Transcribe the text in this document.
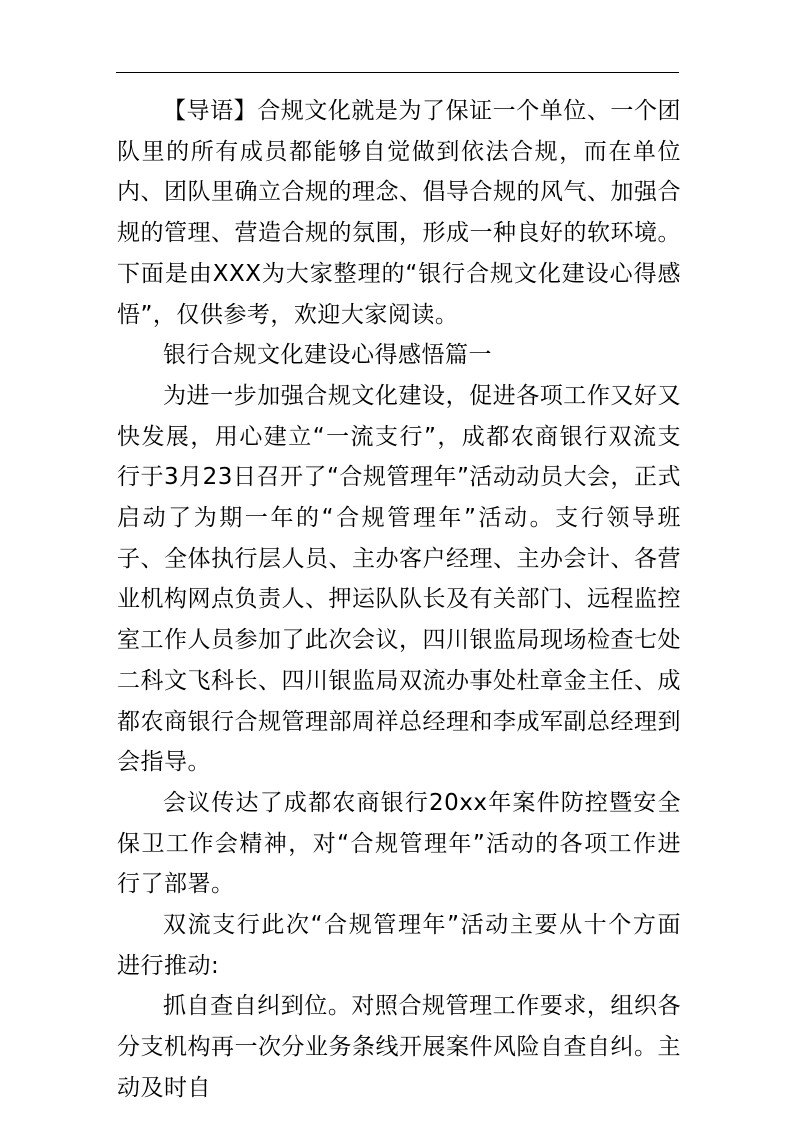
【导语】合规文化就是为了保证一个单位、一个团队里的所有成员都能够自觉做到依法合规，而在单位内、团队里确立合规的理念、倡导合规的风气、加强合规的管理、营造合规的氛围，形成一种良好的软环境。 下面是由XXX为大家整理的“银行合规文化建设心得感悟”，仅供参考，欢迎大家阅读。

银行合规文化建设心得感悟篇一

为进一步加强合规文化建设，促进各项工作又好又快发展，用心建立“一流支行”，成都农商银行双流支行于3月23日召开了“合规管理年”活动动员大会，正式启动了为期一年的“合规管理年”活动。支行领导班子、全体执行层人员、主办客户经理、主办会计、各营业机构网点负责人、押运队队长及有关部门、远程监控室工作人员参加了此次会议，四川银监局现场检查七处二科文飞科长、四川银监局双流办事处杜章金主任、成都农商银行合规管理部周祥总经理和李成军副总经理到会指导。

会议传达了成都农商银行20xx年案件防控暨安全保卫工作会精神，对“合规管理年”活动的各项工作进行了部署。

双流支行此次“合规管理年”活动主要从十个方面进行推动:

抓自查自纠到位。对照合规管理工作要求，组织各分支机构再一次分业务条线开展案件风险自查自纠。主动及时自
